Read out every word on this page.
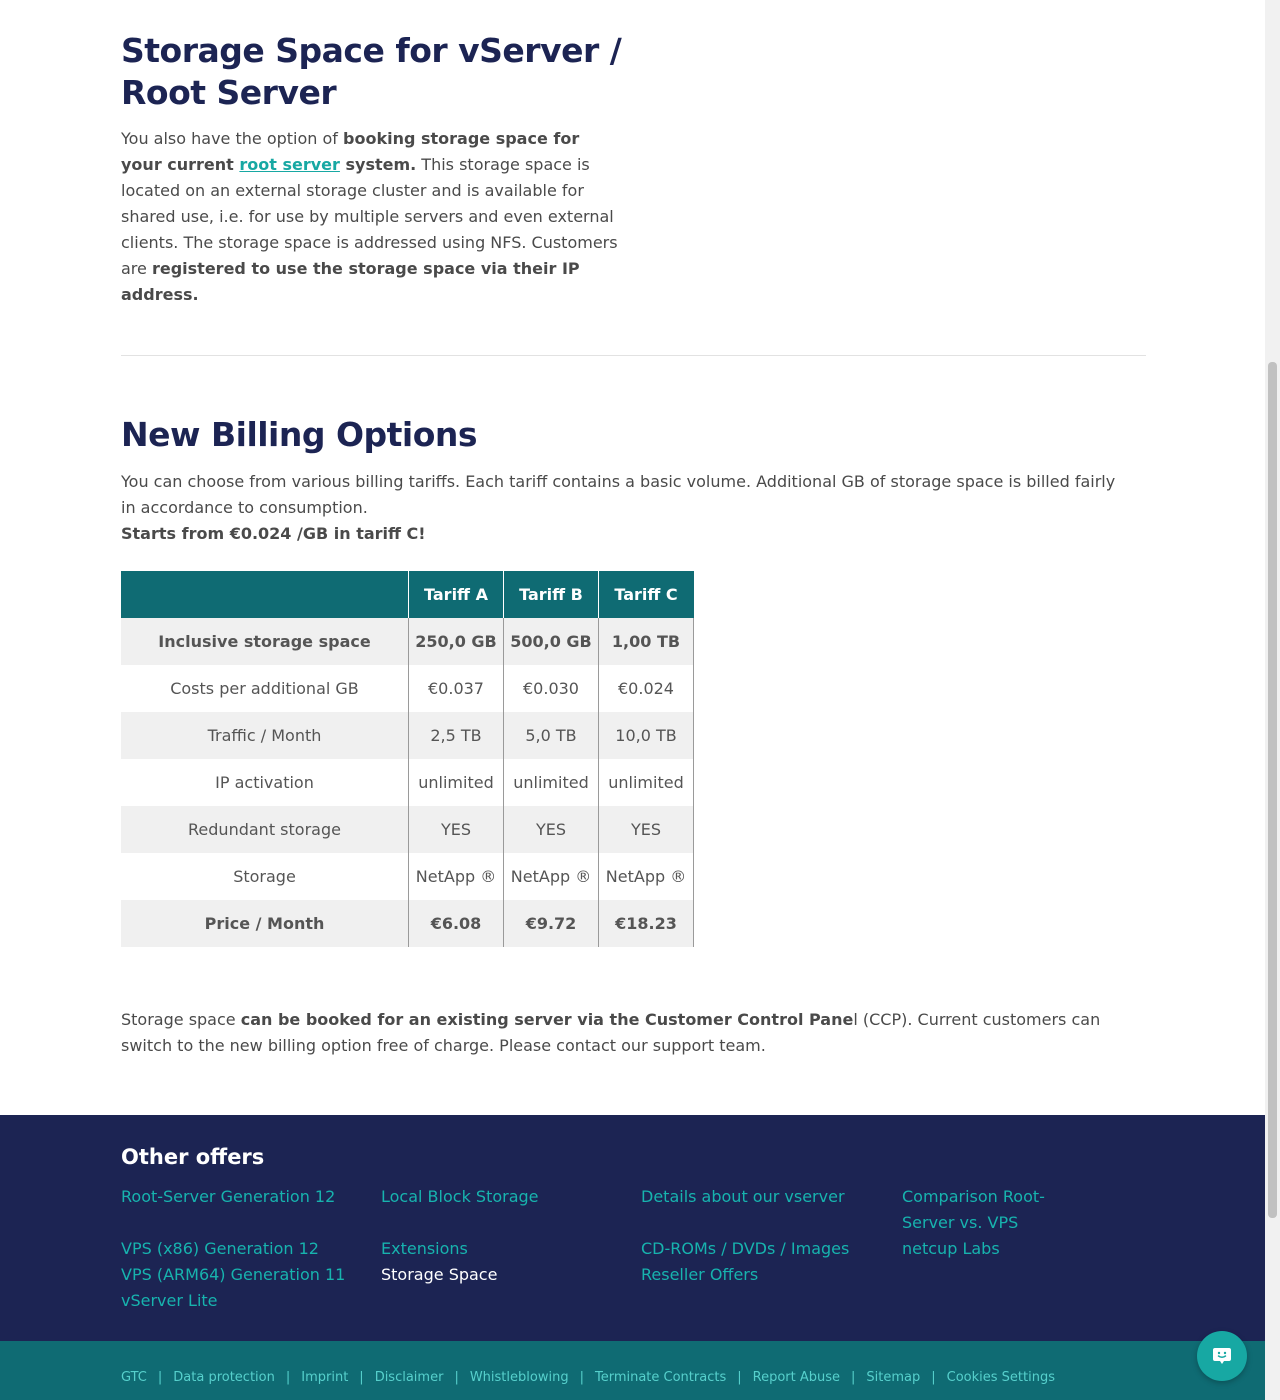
Storage Space for vServer / Root Server

You also have the option of booking storage space for your current root server system. This storage space is located on an external storage cluster and is available for shared use, i.e. for use by multiple servers and even external clients. The storage space is addressed using NFS. Customers are registered to use the storage space via their IP address.

New Billing Options

You can choose from various billing tariffs. Each tariff contains a basic volume. Additional GB of storage space is billed fairly in accordance to consumption.
Starts from €0.024 /GB in tariff C!

	Tariff A	Tariff B	Tariff C
Inclusive storage space	250,0 GB	500,0 GB	1,00 TB
Costs per additional GB	€0.037	€0.030	€0.024
Traffic / Month	2,5 TB	5,0 TB	10,0 TB
IP activation	unlimited	unlimited	unlimited
Redundant storage	YES	YES	YES
Storage	NetApp ®	NetApp ®	NetApp ®
Price / Month	€6.08	€9.72	€18.23

Storage space can be booked for an existing server via the Customer Control Panel (CCP). Current customers can switch to the new billing option free of charge. Please contact our support team.

Other offers
Root-Server Generation 12
VPS (x86) Generation 12
VPS (ARM64) Generation 11
vServer Lite
Local Block Storage
Extensions
Storage Space
Details about our vserver
CD-ROMs / DVDs / Images
Reseller Offers
Comparison Root-Server vs. VPS
netcup Labs
GTC | Data protection | Imprint | Disclaimer | Whistleblowing | Terminate Contracts | Report Abuse | Sitemap | Cookies Settings
